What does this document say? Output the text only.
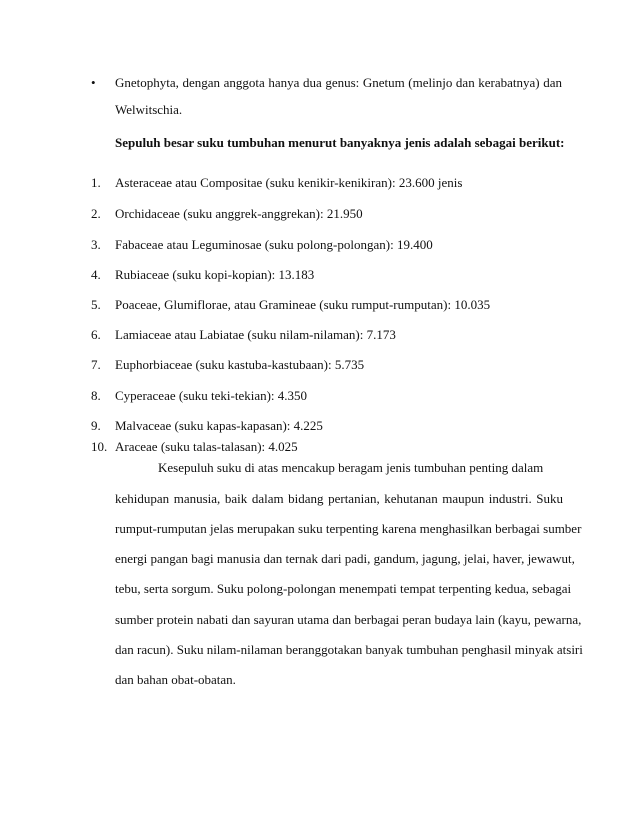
• Gnetophyta, dengan anggota hanya dua genus: Gnetum (melinjo dan kerabatnya) dan
Welwitschia.
Sepuluh besar suku tumbuhan menurut banyaknya jenis adalah sebagai berikut:
1. Asteraceae atau Compositae (suku kenikir-kenikiran): 23.600 jenis
2. Orchidaceae (suku anggrek-anggrekan): 21.950
3. Fabaceae atau Leguminosae (suku polong-polongan): 19.400
4. Rubiaceae (suku kopi-kopian): 13.183
5. Poaceae, Glumiflorae, atau Gramineae (suku rumput-rumputan): 10.035
6. Lamiaceae atau Labiatae (suku nilam-nilaman): 7.173
7. Euphorbiaceae (suku kastuba-kastubaan): 5.735
8. Cyperaceae (suku teki-tekian): 4.350
9. Malvaceae (suku kapas-kapasan): 4.225
10. Araceae (suku talas-talasan): 4.025
Kesepuluh suku di atas mencakup beragam jenis tumbuhan penting dalam
kehidupan manusia, baik dalam bidang pertanian, kehutanan maupun industri. Suku
rumput-rumputan jelas merupakan suku terpenting karena menghasilkan berbagai sumber
energi pangan bagi manusia dan ternak dari padi, gandum, jagung, jelai, haver, jewawut,
tebu, serta sorgum. Suku polong-polongan menempati tempat terpenting kedua, sebagai
sumber protein nabati dan sayuran utama dan berbagai peran budaya lain (kayu, pewarna,
dan racun). Suku nilam-nilaman beranggotakan banyak tumbuhan penghasil minyak atsiri
dan bahan obat-obatan.
